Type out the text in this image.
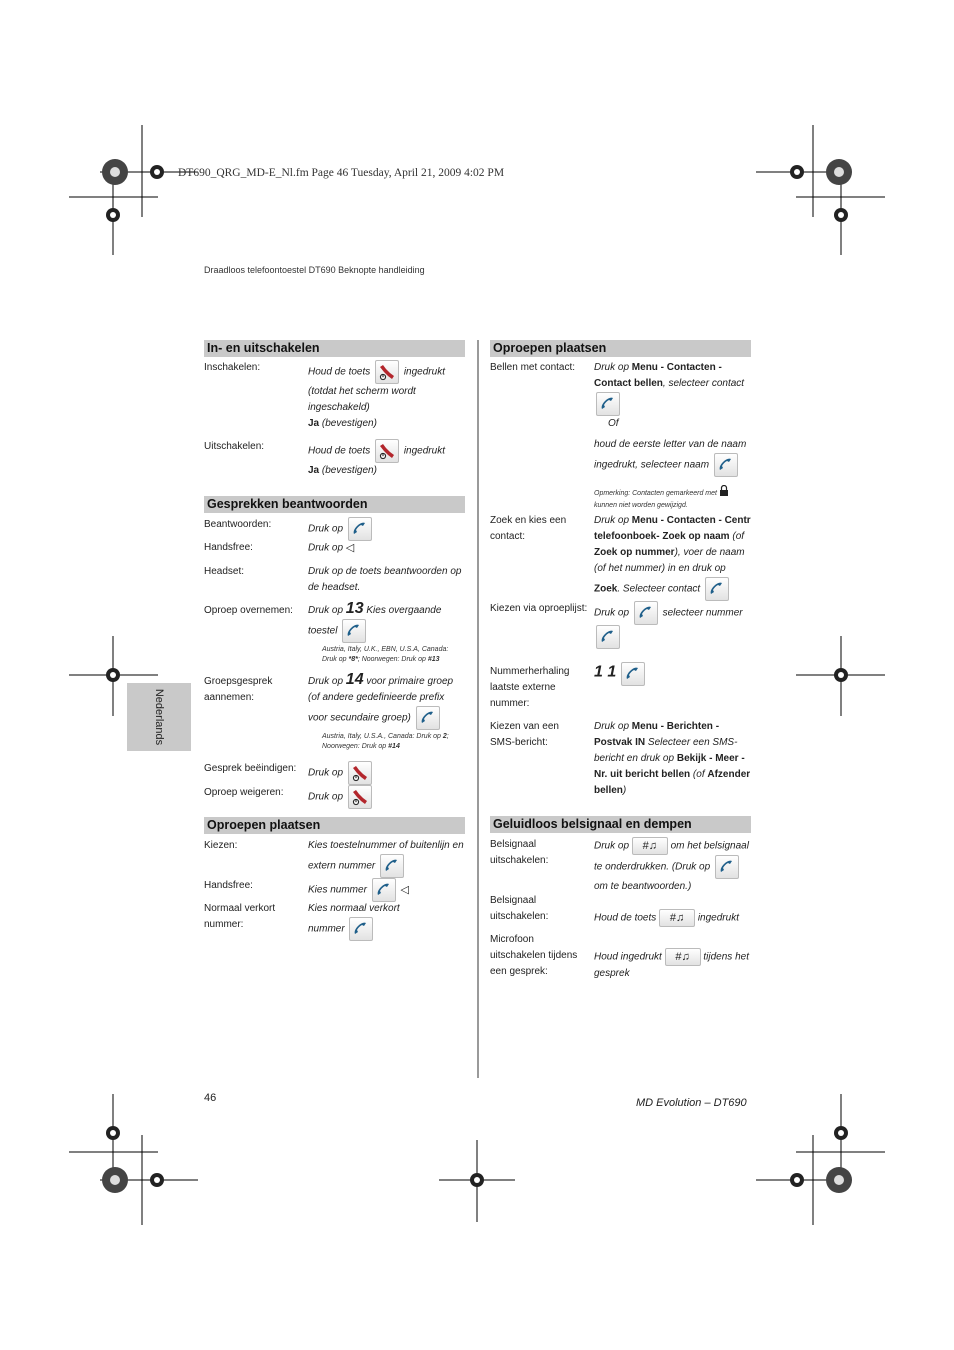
DT690_QRG_MD-E_Nl.fm Page 46 Tuesday, April 21, 2009 4:02 PM
Draadloos telefoontoestel DT690 Beknopte handleiding
Nederlands
In- en uitschakelen
Inschakelen:	Houd de toets	ingedrukt (totdat het scherm wordt ingeschakeld)
Ja (bevestigen)
Uitschakelen:	Houd de toets	ingedrukt
Ja (bevestigen)
Gesprekken beantwoorden
Beantwoorden:	Druk op
Handsfree:	Druk op ◁
Headset:	Druk op de toets beantwoorden op de headset.
Oproep overnemen: Druk op 13 Kies overgaande toestel
Austria, Italy, U.K., EBN, U.S.A, Canada: Druk op *8*; Noorwegen: Druk op #13
Groepsgesprek aannemen:
Druk op 14 voor primaire groep (of andere gedefinieerde prefix voor secundaire groep)
Austria, Italy, U.S.A., Canada: Druk op 2; Noorwegen: Druk op #14
Gesprek beëindigen: Druk op
Oproep weigeren: Druk op
Oproepen plaatsen
Kiezen:	Kies toestelnummer of buitenlijn en extern nummer
Handsfree:	Kies nummer	◁
Normaal verkort nummer:
Kies normaal verkort nummer
Oproepen plaatsen
Bellen met contact: Druk op Menu - Contacten - Contact bellen, selecteer contact
Of
houd de eerste letter van de naam ingedrukt, selecteer naam
Opmerking: Contacten gemarkeerd met
kunnen niet worden gewijzigd.
Zoek en kies een contact:
Druk op Menu - Contacten - Centr telefoonboek- Zoek op naam (of Zoek op nummer), voer de naam (of het nummer) in en druk op Zoek. Selecteer contact
Kiezen via oproeplijst: Druk op	selecteer nummer
Nummerherhaling laatste externe nummer:
1 1
Kiezen van een SMS-bericht:
Druk op Menu - Berichten - Postvak IN Selecteer een SMS-bericht en druk op Bekijk - Meer - Nr. uit bericht bellen (of Afzender bellen)
Geluidloos belsignaal en dempen
Belsignaal uitschakelen:
Druk op #♫ om het belsignaal te onderdrukken. (Druk op
om te beantwoorden.)
Belsignaal uitschakelen:	Houd de toets #♫ ingedrukt
Microfoon uitschakelen tijdens een gesprek:
Houd ingedrukt #♫ tijdens het gesprek
46	MD Evolution – DT690
